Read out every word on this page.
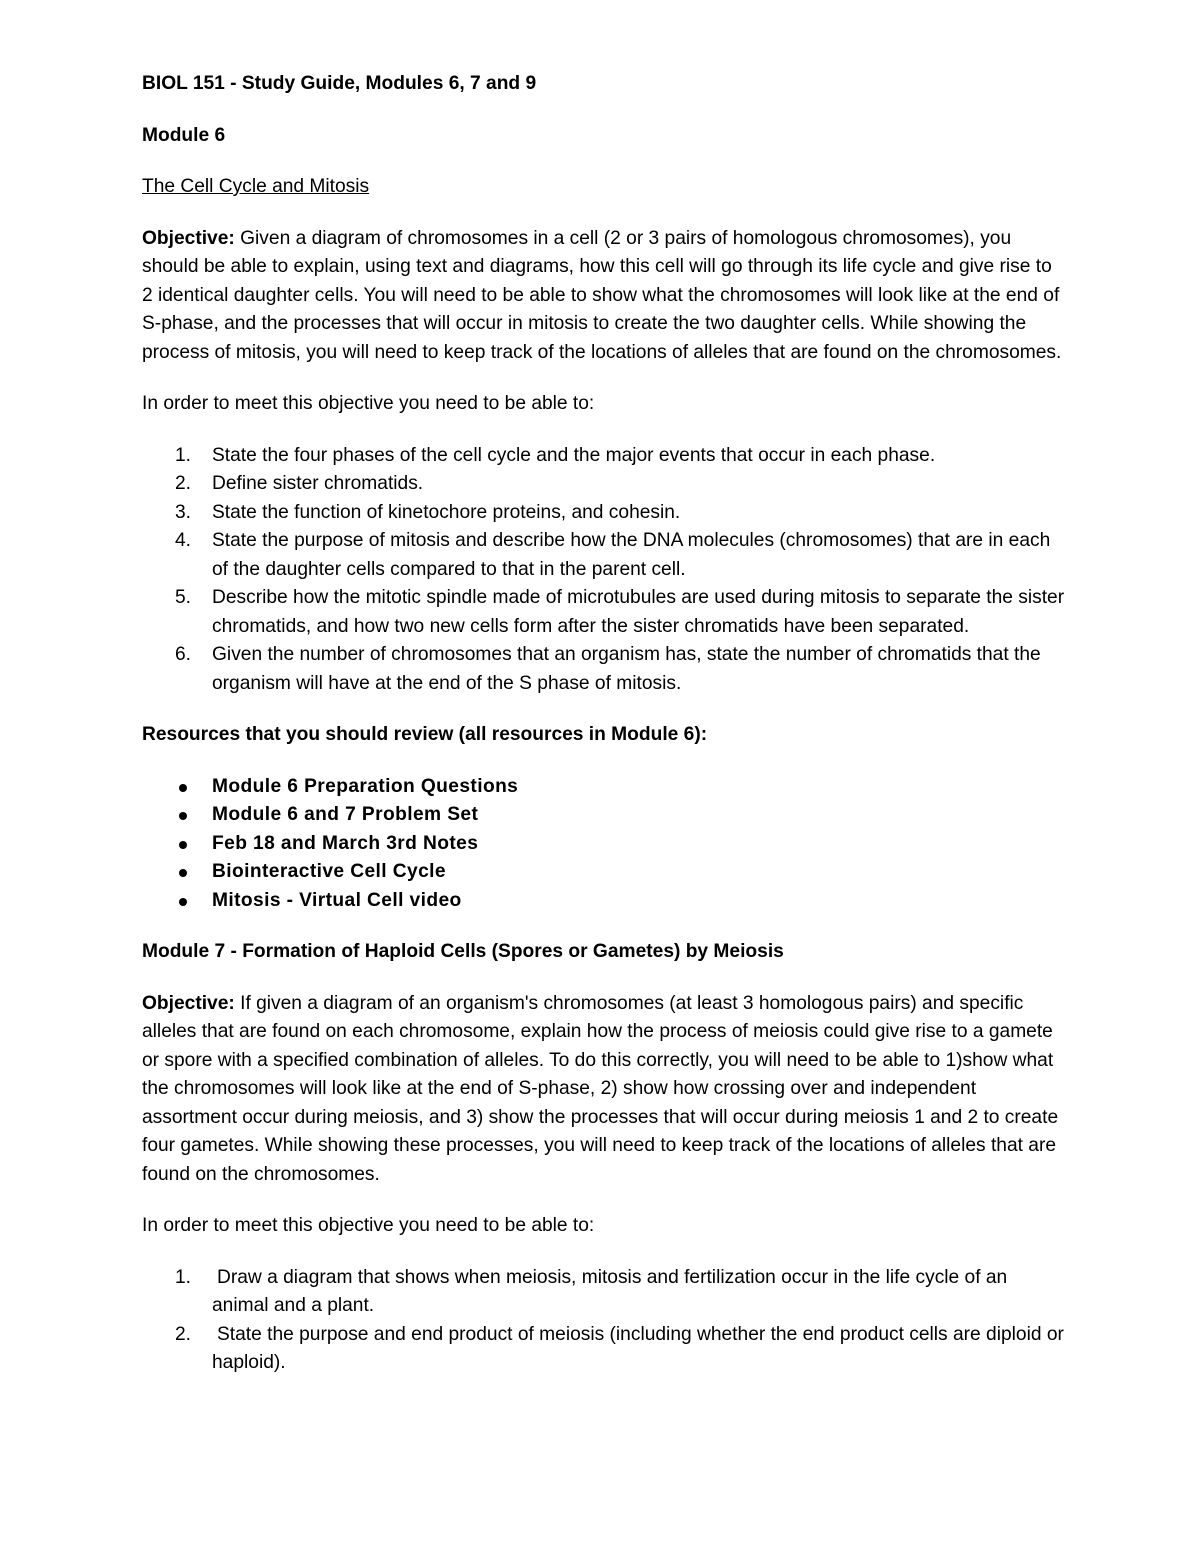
BIOL 151 - Study Guide, Modules 6, 7 and 9

Module 6

The Cell Cycle and Mitosis

Objective: Given a diagram of chromosomes in a cell (2 or 3 pairs of homologous chromosomes), you should be able to explain, using text and diagrams, how this cell will go through its life cycle and give rise to 2 identical daughter cells. You will need to be able to show what the chromosomes will look like at the end of S-phase, and the processes that will occur in mitosis to create the two daughter cells. While showing the process of mitosis, you will need to keep track of the locations of alleles that are found on the chromosomes.

In order to meet this objective you need to be able to:

1. State the four phases of the cell cycle and the major events that occur in each phase.
2. Define sister chromatids.
3. State the function of kinetochore proteins, and cohesin.
4. State the purpose of mitosis and describe how the DNA molecules (chromosomes) that are in each of the daughter cells compared to that in the parent cell.
5. Describe how the mitotic spindle made of microtubules are used during mitosis to separate the sister chromatids, and how two new cells form after the sister chromatids have been separated.
6. Given the number of chromosomes that an organism has, state the number of chromatids that the organism will have at the end of the S phase of mitosis.

Resources that you should review (all resources in Module 6):

Module 6 Preparation Questions
Module 6 and 7 Problem Set
Feb 18 and March 3rd Notes
Biointeractive Cell Cycle
Mitosis - Virtual Cell video

Module 7 - Formation of Haploid Cells (Spores or Gametes) by Meiosis

Objective: If given a diagram of an organism's chromosomes (at least 3 homologous pairs) and specific alleles that are found on each chromosome, explain how the process of meiosis could give rise to a gamete or spore with a specified combination of alleles. To do this correctly, you will need to be able to 1)show what the chromosomes will look like at the end of S-phase, 2) show how crossing over and independent assortment occur during meiosis, and 3) show the processes that will occur during meiosis 1 and 2 to create four gametes. While showing these processes, you will need to keep track of the locations of alleles that are found on the chromosomes.

In order to meet this objective you need to be able to:

1. Draw a diagram that shows when meiosis, mitosis and fertilization occur in the life cycle of an animal and a plant.
2. State the purpose and end product of meiosis (including whether the end product cells are diploid or haploid).
